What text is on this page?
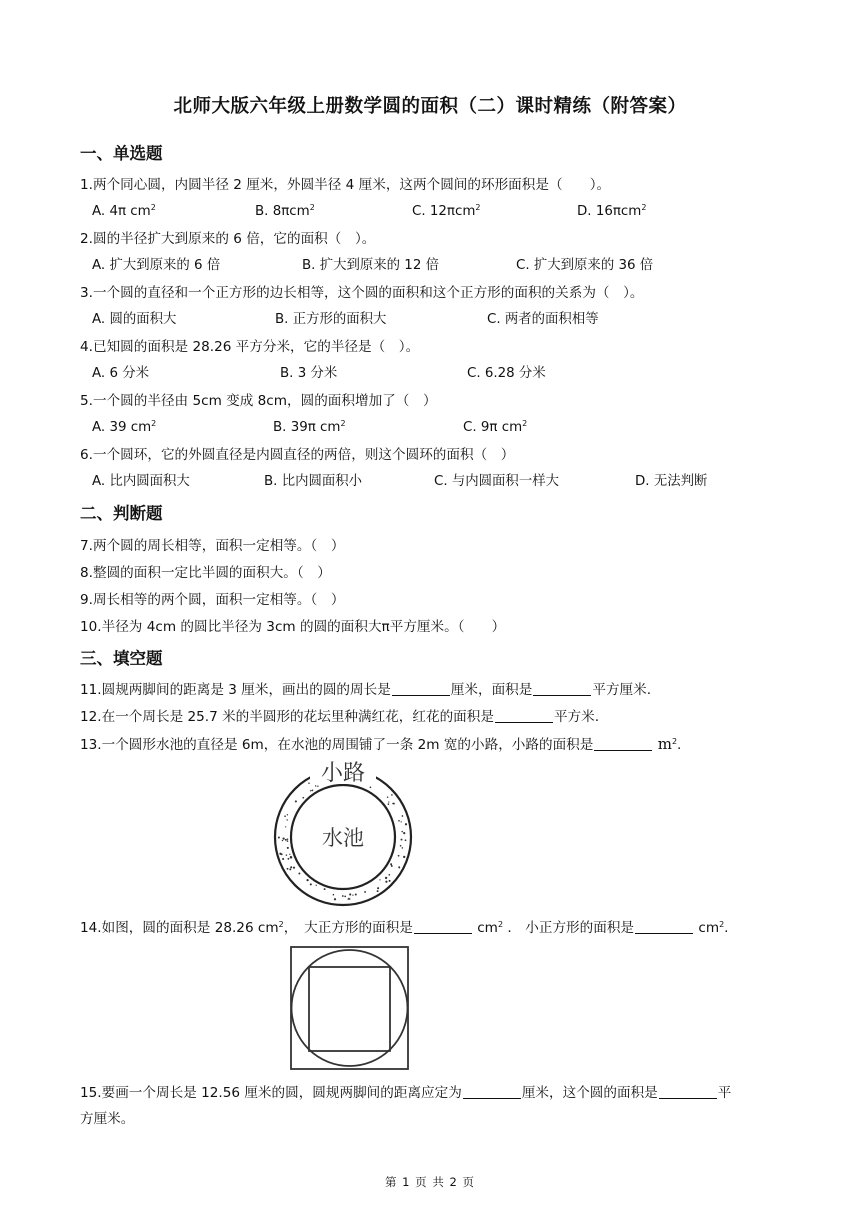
北师大版六年级上册数学圆的面积（二）课时精练（附答案）
一、单选题
1.两个同心圆，内圆半径 2 厘米，外圆半径 4 厘米，这两个圆间的环形面积是（　　）。
A. 4π $cm^2$	B. 8πcm$^2$	C. 12πcm$^2$	D. 16πcm$^2$
2.圆的半径扩大到原来的 6 倍，它的面积（　）。
A. 扩大到原来的 6 倍	B. 扩大到原来的 12 倍	C. 扩大到原来的 36 倍
3.一个圆的直径和一个正方形的边长相等，这个圆的面积和这个正方形的面积的关系为（　）。
A. 圆的面积大	B. 正方形的面积大	C. 两者的面积相等
4.已知圆的面积是 28.26 平方分米，它的半径是（　）。
A. 6 分米	B. 3 分米	C. 6.28 分米
5.一个圆的半径由 5cm 变成 8cm，圆的面积增加了（　）
A. 39 $cm^2$	B. 39π $cm^2$	C. 9π $cm^2$
6.一个圆环，它的外圆直径是内圆直径的两倍，则这个圆环的面积（　）
A. 比内圆面积大	B. 比内圆面积小	C. 与内圆面积一样大	D. 无法判断
二、判断题
7.两个圆的周长相等，面积一定相等。（　）
8.整圆的面积一定比半圆的面积大。（　）
9.周长相等的两个圆，面积一定相等。（　）
10.半径为 4cm 的圆比半径为 3cm 的圆的面积大π平方厘米。（　　）
三、填空题
11.圆规两脚间的距离是 3 厘米，画出的圆的周长是	厘米，面积是	平方厘米.
12.在一个周长是 25.7 米的半圆形的花坛里种满红花，红花的面积是	平方米.
13.一个圆形水池的直径是 6m，在水池的周围铺了一条 2m 宽的小路，小路的面积是	$m^2$.
小路
水池
14.如图，圆的面积是 28.26 $cm^2$，　大正方形的面积是	$cm^2$ .　小正方形的面积是	$cm^2$.
15.要画一个周长是 12.56 厘米的圆，圆规两脚间的距离应定为	厘米，这个圆的面积是	平
方厘米。
第 1 页 共 2 页
